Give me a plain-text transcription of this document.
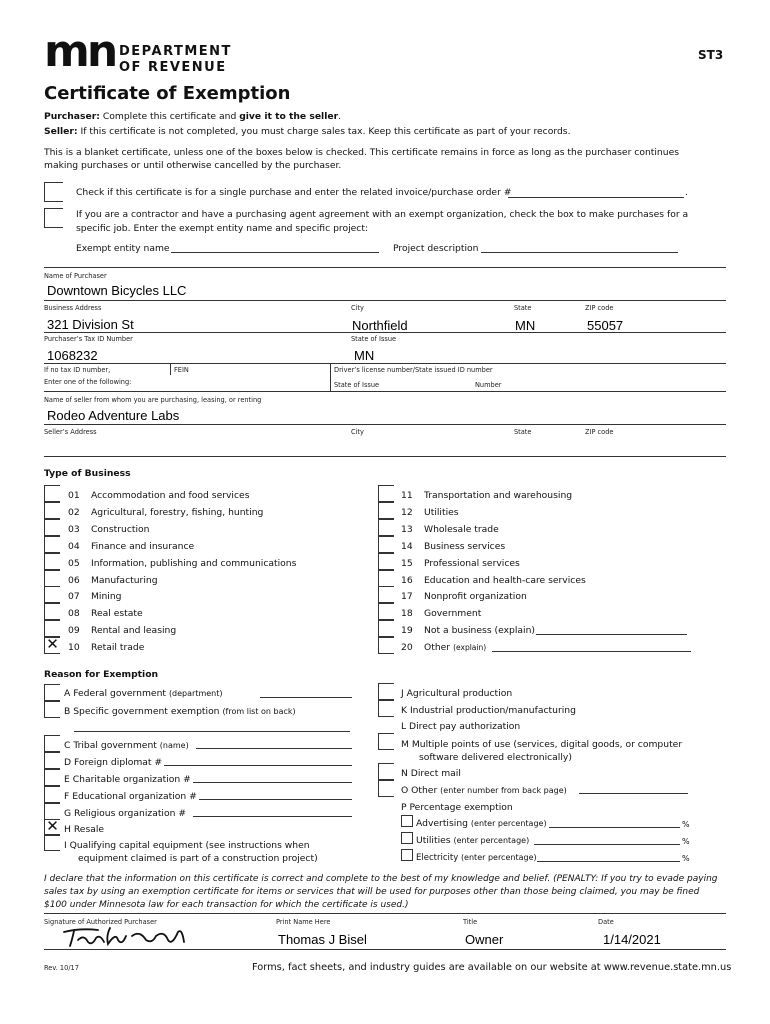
mn DEPARTMENT
OF REVENUE
ST3
Certificate of Exemption
Purchaser: Complete this certificate and give it to the seller.
Seller: If this certificate is not completed, you must charge sales tax. Keep this certificate as part of your records.
This is a blanket certificate, unless one of the boxes below is checked. This certificate remains in force as long as the purchaser continues
making purchases or until otherwise cancelled by the purchaser.
Check if this certificate is for a single purchase and enter the related invoice/purchase order #	.
If you are a contractor and have a purchasing agent agreement with an exempt organization, check the box to make purchases for a
specific job. Enter the exempt entity name and specific project:
Exempt entity name	Project description
Name of Purchaser
Downtown Bicycles LLC
Business Address	City	State	ZIP code
321 Division St	Northfield	MN	55057
Purchaser’s Tax ID Number	State of Issue
1068232	MN
If no tax ID number,
Enter one of the following:
FEIN	Driver’s license number/State issued ID number
State of Issue	Number
Name of seller from whom you are purchasing, leasing, or renting
Rodeo Adventure Labs
Seller’s Address	City	State	ZIP code
Type of Business
01 Accommodation and food services
02 Agricultural, forestry, fishing, hunting
03 Construction
04 Finance and insurance
05 Information, publishing and communications
06 Manufacturing
07 Mining
08 Real estate
09 Rental and leasing
✕ 10 Retail trade
11 Transportation and warehousing
12 Utilities
13 Wholesale trade
14 Business services
15 Professional services
16 Education and health-care services
17 Nonprofit organization
18 Government
19 Not a business (explain)
20 Other (explain)
Reason for Exemption
A Federal government (department)
B Specific government exemption (from list on back)
C Tribal government (name)
D Foreign diplomat #
E Charitable organization #
F Educational organization #
G Religious organization #
✕ H Resale
I Qualifying capital equipment (see instructions when
equipment claimed is part of a construction project)
J Agricultural production
K Industrial production/manufacturing
L Direct pay authorization
M Multiple points of use (services, digital goods, or computer
software delivered electronically)
N Direct mail
O Other (enter number from back page)
P Percentage exemption
Advertising (enter percentage)	%
Utilities (enter percentage)	%
Electricity (enter percentage)	%
I declare that the information on this certificate is correct and complete to the best of my knowledge and belief. (PENALTY: If you try to evade paying
sales tax by using an exemption certificate for items or services that will be used for purposes other than those being claimed, you may be fined
$100 under Minnesota law for each transaction for which the certificate is used.)
Signature of Authorized Purchaser	Print Name Here
Thomas J Bisel
Title
Owner
Date
1/14/2021
Rev. 10/17	Forms, fact sheets, and industry guides are available on our website at www.revenue.state.mn.us
